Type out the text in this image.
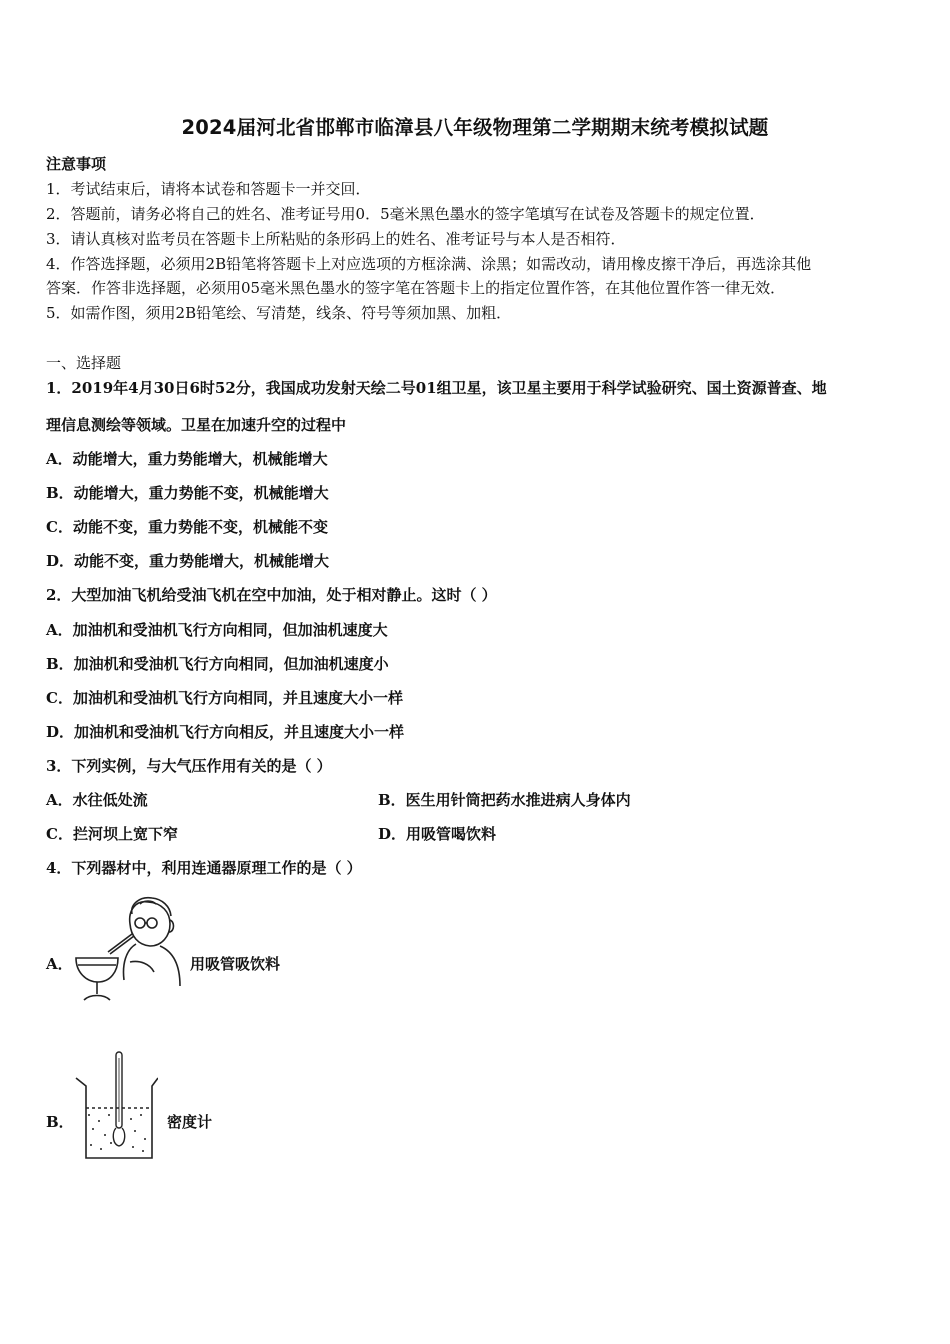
2024届河北省邯郸市临漳县八年级物理第二学期期末统考模拟试题
注意事项
1．考试结束后，请将本试卷和答题卡一并交回．
2．答题前，请务必将自己的姓名、准考证号用0．5毫米黑色墨水的签字笔填写在试卷及答题卡的规定位置．
3．请认真核对监考员在答题卡上所粘贴的条形码上的姓名、准考证号与本人是否相符．
4．作答选择题，必须用2B铅笔将答题卡上对应选项的方框涂满、涂黑；如需改动，请用橡皮擦干净后，再选涂其他
答案．作答非选择题，必须用05毫米黑色墨水的签字笔在答题卡上的指定位置作答，在其他位置作答一律无效．
5．如需作图，须用2B铅笔绘、写清楚，线条、符号等须加黑、加粗．
一、选择题
1．2019年4月30日6时52分，我国成功发射天绘二号01组卫星，该卫星主要用于科学试验研究、国土资源普查、地
理信息测绘等领域。卫星在加速升空的过程中
A．动能增大，重力势能增大，机械能增大
B．动能增大，重力势能不变，机械能增大
C．动能不变，重力势能不变，机械能不变
D．动能不变，重力势能增大，机械能增大
2．大型加油飞机给受油飞机在空中加油，处于相对静止。这时（ ）
A．加油机和受油机飞行方向相同，但加油机速度大
B．加油机和受油机飞行方向相同，但加油机速度小
C．加油机和受油机飞行方向相同，并且速度大小一样
D．加油机和受油机飞行方向相反，并且速度大小一样
3．下列实例，与大气压作用有关的是（ ）
A．水往低处流	B．医生用针筒把药水推进病人身体内
C．拦河坝上宽下窄	D．用吸管喝饮料
4．下列器材中，利用连通器原理工作的是（ ）
A．	用吸管吸饮料
B．	密度计
